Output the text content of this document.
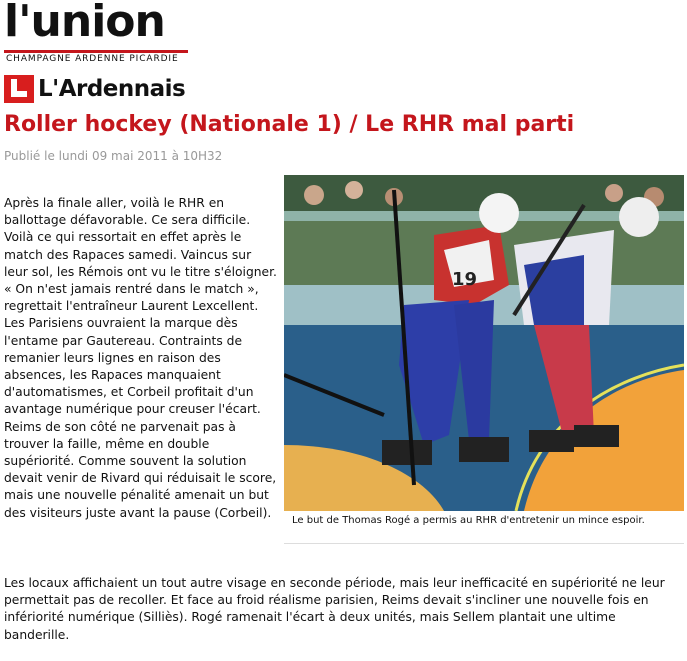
l'union
CHAMPAGNE ARDENNE PICARDIE
L'Ardennais
Roller hockey (Nationale 1) / Le RHR mal parti
Publié le lundi 09 mai 2011 à 10H32

Après la finale aller, voilà le RHR en ballottage défavorable. Ce sera difficile. Voilà ce qui ressortait en effet après le match des Rapaces samedi. Vaincus sur leur sol, les Rémois ont vu le titre s'éloigner. « On n'est jamais rentré dans le match », regrettait l'entraîneur Laurent Lexcellent.

Les Parisiens ouvraient la marque dès l'entame par Gautereau. Contraints de remanier leurs lignes en raison des absences, les Rapaces manquaient d'automatismes, et Corbeil profitait d'un avantage numérique pour creuser l'écart. Reims de son côté ne parvenait pas à trouver la faille, même en double supériorité. Comme souvent la solution devait venir de Rivard qui réduisait le score, mais une nouvelle pénalité amenait un but des visiteurs juste avant la pause (Corbeil).

Les locaux affichaient un tout autre visage en seconde période, mais leur inefficacité en supériorité ne leur permettait pas de recoller. Et face au froid réalisme parisien, Reims devait s'incliner une nouvelle fois en infériorité numérique (Silliès). Rogé ramenait l'écart à deux unités, mais Sellem plantait une ultime banderille.
19
Le but de Thomas Rogé a permis au RHR d'entretenir un mince espoir.
